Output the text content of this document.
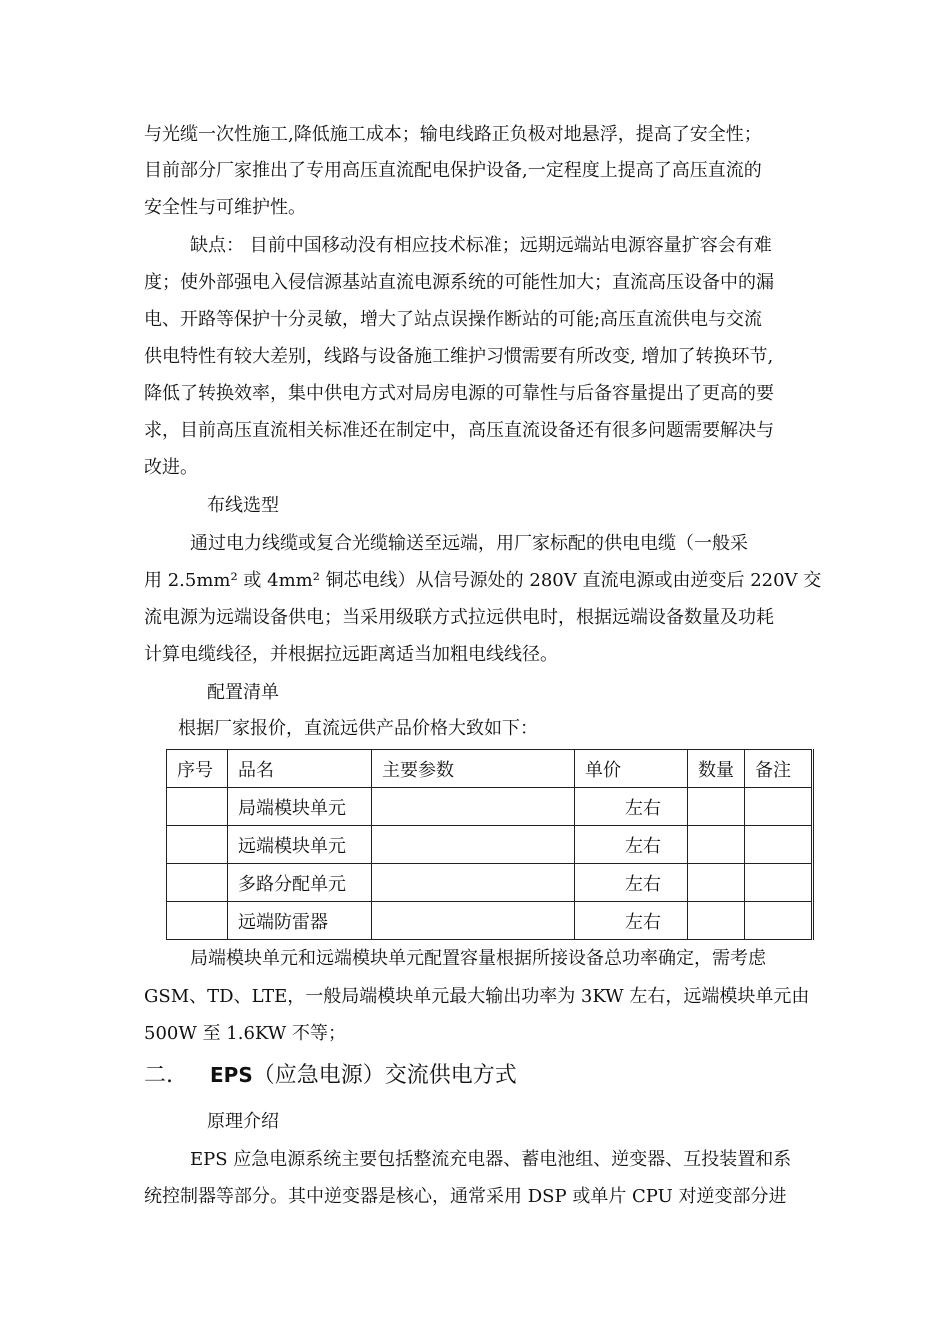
与光缆一次性施工,降低施工成本；输电线路正负极对地悬浮，提高了安全性；
目前部分厂家推出了专用高压直流配电保护设备,一定程度上提高了高压直流的
安全性与可维护性。
缺点： 目前中国移动没有相应技术标准；远期远端站电源容量扩容会有难
度；使外部强电入侵信源基站直流电源系统的可能性加大；直流高压设备中的漏
电、开路等保护十分灵敏，增大了站点误操作断站的可能;高压直流供电与交流
供电特性有较大差别，线路与设备施工维护习惯需要有所改变, 增加了转换环节,
降低了转换效率，集中供电方式对局房电源的可靠性与后备容量提出了更高的要
求，目前高压直流相关标准还在制定中，高压直流设备还有很多问题需要解决与
改进。
布线选型
通过电力线缆或复合光缆输送至远端，用厂家标配的供电电缆（一般采
用 2.5mm² 或 4mm² 铜芯电线）从信号源处的 280V 直流电源或由逆变后 220V 交
流电源为远端设备供电；当采用级联方式拉远供电时，根据远端设备数量及功耗
计算电缆线径，并根据拉远距离适当加粗电线线径。
配置清单
根据厂家报价，直流远供产品价格大致如下：
序号	品名	主要参数	单价	数量	备注
	局端模块单元		左右		
	远端模块单元		左右		
	多路分配单元		左右		
	远端防雷器		左右		
局端模块单元和远端模块单元配置容量根据所接设备总功率确定，需考虑
GSM、TD、LTE，一般局端模块单元最大输出功率为 3KW 左右，远端模块单元由
500W 至 1.6KW 不等；
二. EPS（应急电源）交流供电方式
原理介绍
EPS 应急电源系统主要包括整流充电器、蓄电池组、逆变器、互投装置和系
统控制器等部分。其中逆变器是核心，通常采用 DSP 或单片 CPU 对逆变部分进
